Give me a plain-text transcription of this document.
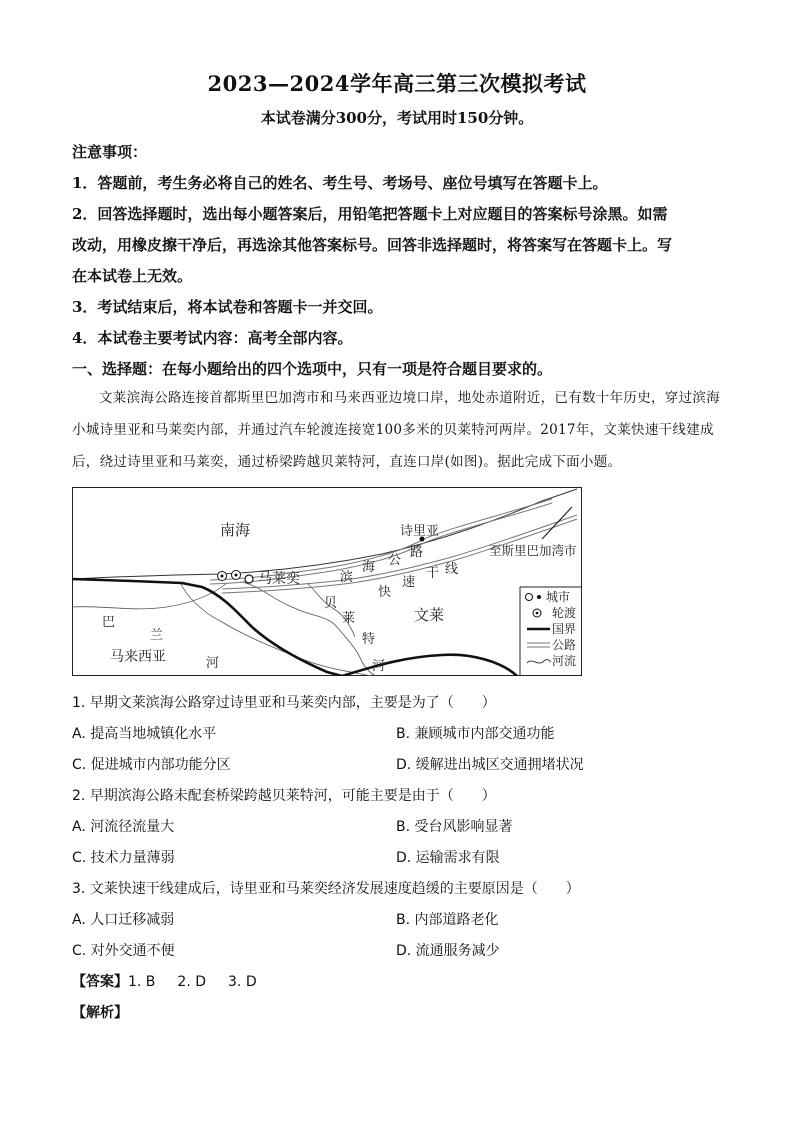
2023—2024学年高三第三次模拟考试
本试卷满分300分，考试用时150分钟。

注意事项：

1．答题前，考生务必将自己的姓名、考生号、考场号、座位号填写在答题卡上。

2．回答选择题时，选出每小题答案后，用铅笔把答题卡上对应题目的答案标号涂黑。如需

改动，用橡皮擦干净后，再选涂其他答案标号。回答非选择题时，将答案写在答题卡上。写

在本试卷上无效。

3．考试结束后，将本试卷和答题卡一并交回。

4．本试卷主要考试内容：高考全部内容。

一、选择题：在每小题给出的四个选项中，只有一项是符合题目要求的。

文莱滨海公路连接首都斯里巴加湾市和马来西亚边境口岸，地处赤道附近，已有数十年历史，穿过滨海小城诗里亚和马莱奕内部，并通过汽车轮渡连接宽100多米的贝莱特河两岸。2017年，文莱快速干线建成后，绕过诗里亚和马莱奕，通过桥梁跨越贝莱特河，直连口岸(如图)。据此完成下面小题。
南海	诗里亚
至斯里巴加湾市
马莱奕	滨
海 公
路
快
速
干 线
文莱
马来西亚
巴
兰
河
贝
莱
特
河
城市
轮渡
国界
公路
河流
1. 早期文莱滨海公路穿过诗里亚和马莱奕内部，主要是为了（　　）
A. 提高当地城镇化水平	B. 兼顾城市内部交通功能
C. 促进城市内部功能分区	D. 缓解进出城区交通拥堵状况
2. 早期滨海公路未配套桥梁跨越贝莱特河，可能主要是由于（　　）
A. 河流径流量大	B. 受台风影响显著
C. 技术力量薄弱	D. 运输需求有限
3. 文莱快速干线建成后，诗里亚和马莱奕经济发展速度趋缓的主要原因是（　　）
A. 人口迁移减弱	B. 内部道路老化
C. 对外交通不便	D. 流通服务减少
【答案】1. B 2. D 3. D
【解析】
